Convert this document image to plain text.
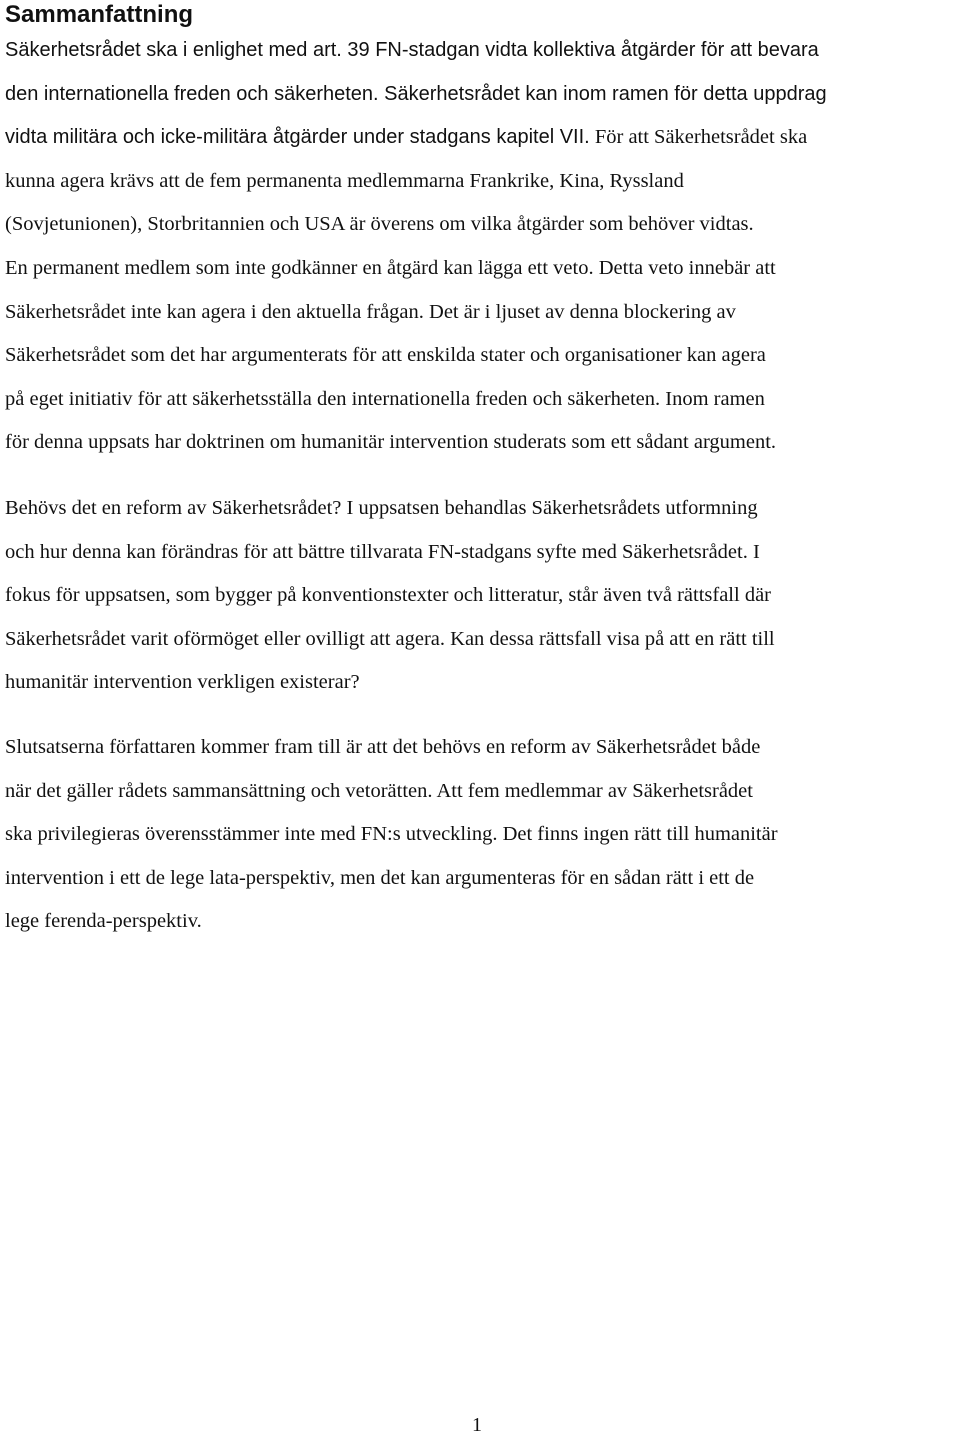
Sammanfattning

Säkerhetsrådet ska i enlighet med art. 39 FN-stadgan vidta kollektiva åtgärder för att bevara
den internationella freden och säkerheten. Säkerhetsrådet kan inom ramen för detta uppdrag
vidta militära och icke-militära åtgärder under stadgans kapitel VII. För att Säkerhetsrådet ska
kunna agera krävs att de fem permanenta medlemmarna Frankrike, Kina, Ryssland
(Sovjetunionen), Storbritannien och USA är överens om vilka åtgärder som behöver vidtas.
En permanent medlem som inte godkänner en åtgärd kan lägga ett veto. Detta veto innebär att
Säkerhetsrådet inte kan agera i den aktuella frågan. Det är i ljuset av denna blockering av
Säkerhetsrådet som det har argumenterats för att enskilda stater och organisationer kan agera
på eget initiativ för att säkerhetsställa den internationella freden och säkerheten. Inom ramen
för denna uppsats har doktrinen om humanitär intervention studerats som ett sådant argument.

Behövs det en reform av Säkerhetsrådet? I uppsatsen behandlas Säkerhetsrådets utformning
och hur denna kan förändras för att bättre tillvarata FN-stadgans syfte med Säkerhetsrådet. I
fokus för uppsatsen, som bygger på konventionstexter och litteratur, står även två rättsfall där
Säkerhetsrådet varit oförmöget eller ovilligt att agera. Kan dessa rättsfall visa på att en rätt till
humanitär intervention verkligen existerar?

Slutsatserna författaren kommer fram till är att det behövs en reform av Säkerhetsrådet både
när det gäller rådets sammansättning och vetorätten. Att fem medlemmar av Säkerhetsrådet
ska privilegieras överensstämmer inte med FN:s utveckling. Det finns ingen rätt till humanitär
intervention i ett de lege lata-perspektiv, men det kan argumenteras för en sådan rätt i ett de
lege ferenda-perspektiv.

1
